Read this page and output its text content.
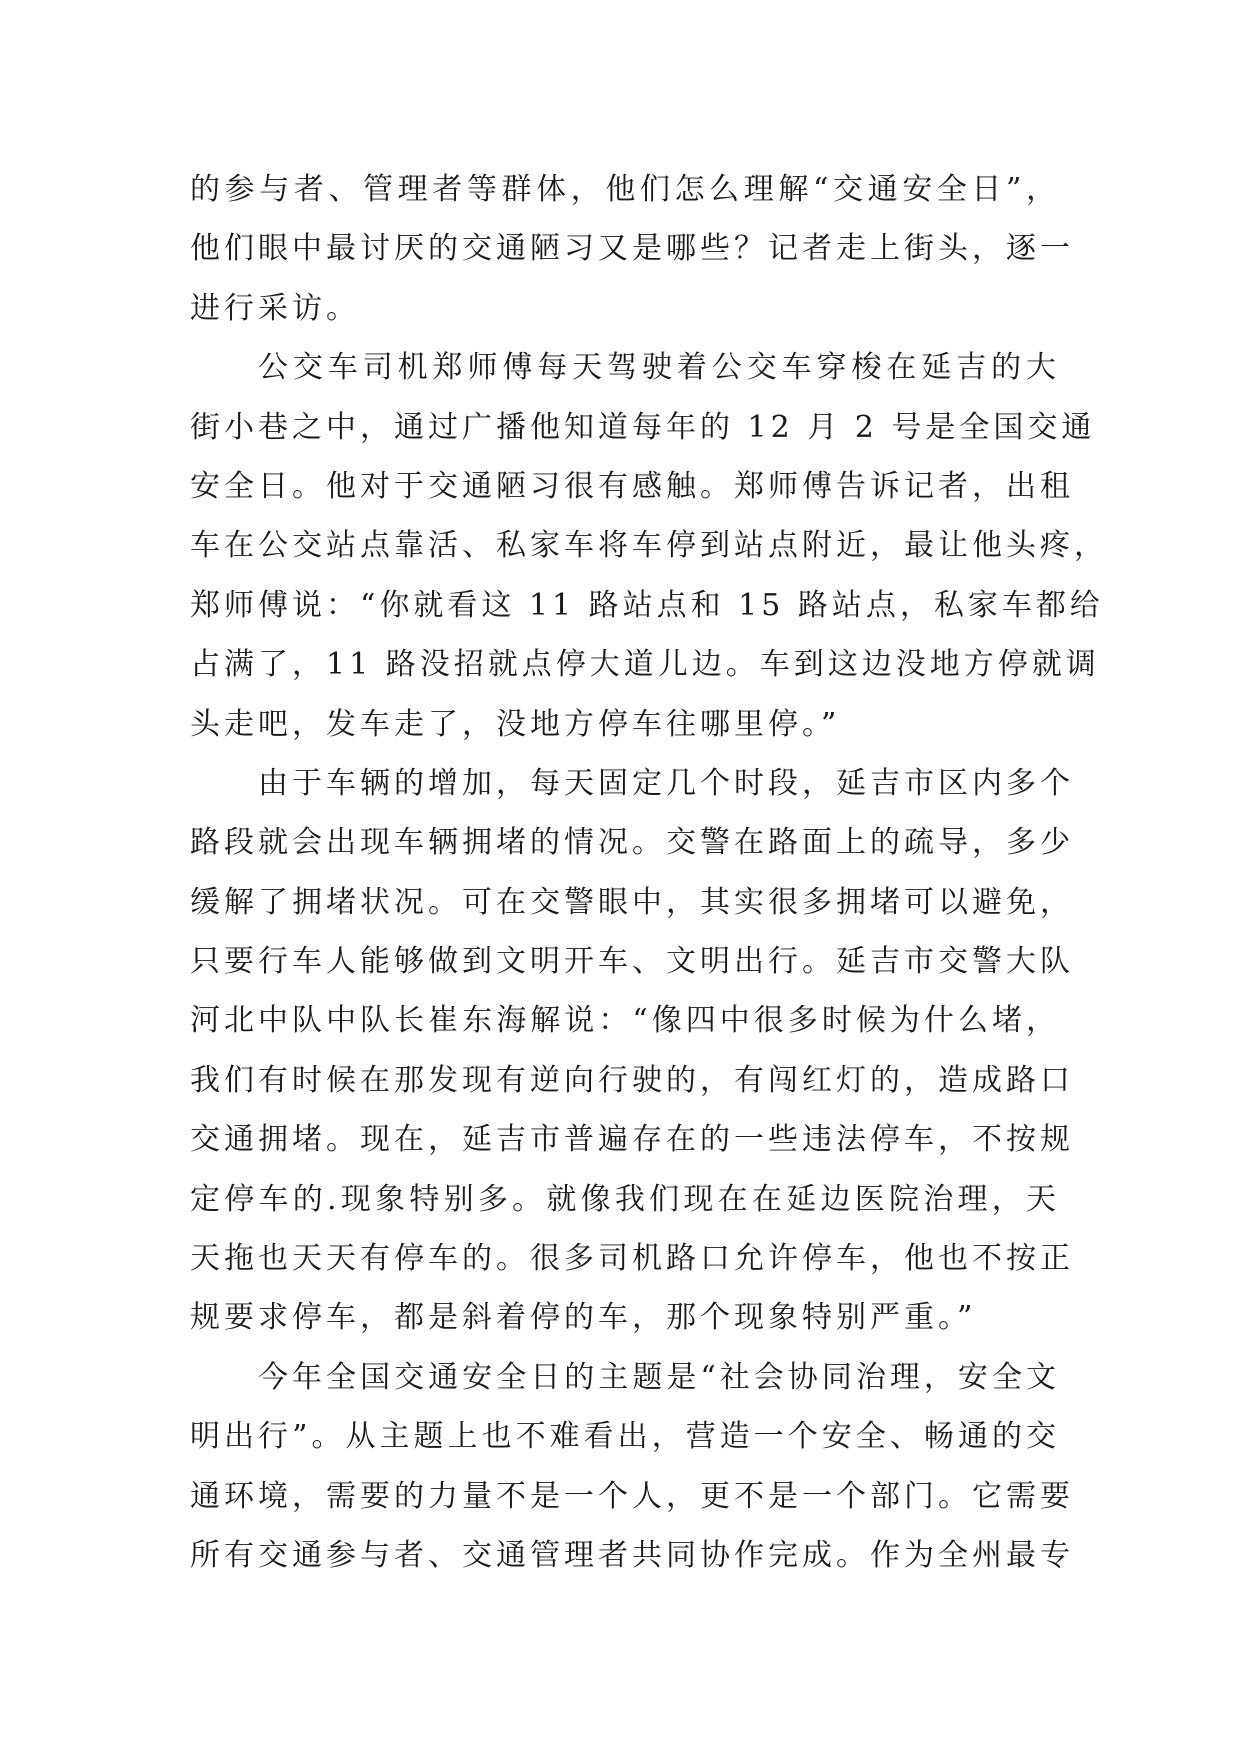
的参与者、管理者等群体，他们怎么理解“交通安全日”，
他们眼中最讨厌的交通陋习又是哪些？记者走上街头，逐一
进行采访。
公交车司机郑师傅每天驾驶着公交车穿梭在延吉的大
街小巷之中，通过广播他知道每年的 12 月 2 号是全国交通
安全日。他对于交通陋习很有感触。郑师傅告诉记者，出租
车在公交站点靠活、私家车将车停到站点附近，最让他头疼，
郑师傅说：“你就看这 11 路站点和 15 路站点，私家车都给
占满了，11 路没招就点停大道儿边。车到这边没地方停就调
头走吧，发车走了，没地方停车往哪里停。”
由于车辆的增加，每天固定几个时段，延吉市区内多个
路段就会出现车辆拥堵的情况。交警在路面上的疏导，多少
缓解了拥堵状况。可在交警眼中，其实很多拥堵可以避免，
只要行车人能够做到文明开车、文明出行。延吉市交警大队
河北中队中队长崔东海解说：“像四中很多时候为什么堵，
我们有时候在那发现有逆向行驶的，有闯红灯的，造成路口
交通拥堵。现在，延吉市普遍存在的一些违法停车，不按规
定停车的.现象特别多。就像我们现在在延边医院治理，天
天拖也天天有停车的。很多司机路口允许停车，他也不按正
规要求停车，都是斜着停的车，那个现象特别严重。”
今年全国交通安全日的主题是“社会协同治理，安全文
明出行”。从主题上也不难看出，营造一个安全、畅通的交
通环境，需要的力量不是一个人，更不是一个部门。它需要
所有交通参与者、交通管理者共同协作完成。作为全州最专
